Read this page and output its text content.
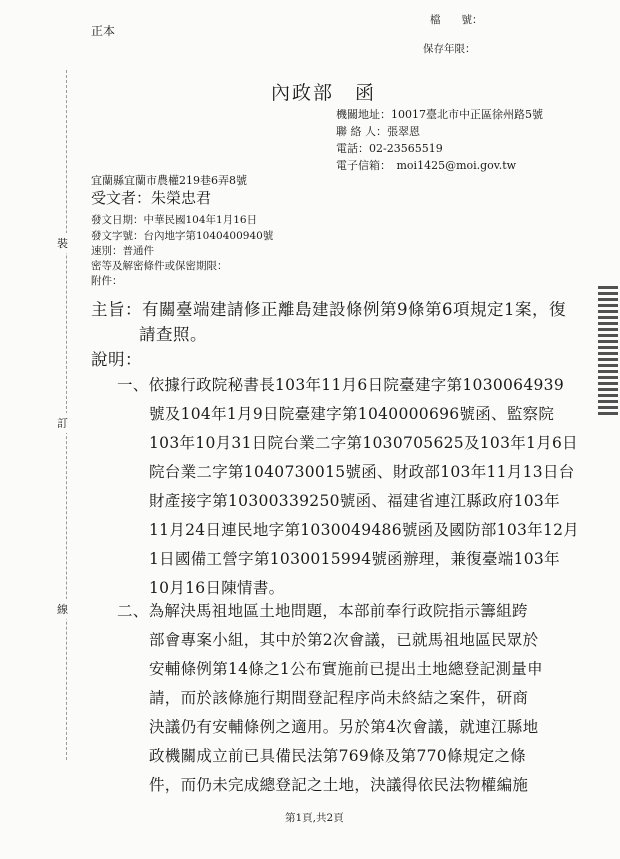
正本
檔　　號：
保存年限：
裝
訂
線
內政部　函
機關地址：10017臺北市中正區徐州路5號
聯 絡 人：張翠恩
電話：02-23565519
電子信箱：　moi1425@moi.gov.tw
宜蘭縣宜蘭市農權219巷6弄8號
受文者：朱榮忠君
發文日期：中華民國104年1月16日
發文字號：台內地字第1040400940號
速別：普通件
密等及解密條件或保密期限：
附件：
主旨：有關臺端建請修正離島建設條例第9條第6項規定1案，復
請查照。
說明：
一、依據行政院秘書長103年11月6日院臺建字第1030064939
號及104年1月9日院臺建字第1040000696號函、監察院
103年10月31日院台業二字第1030705625及103年1月6日
院台業二字第1040730015號函、財政部103年11月13日台
財產接字第10300339250號函、福建省連江縣政府103年
11月24日連民地字第1030049486號函及國防部103年12月
1日國備工營字第1030015994號函辦理，兼復臺端103年
10月16日陳情書。
二、為解決馬祖地區土地問題，本部前奉行政院指示籌組跨
部會專案小組，其中於第2次會議，已就馬祖地區民眾於
安輔條例第14條之1公布實施前已提出土地總登記測量申
請，而於該條施行期間登記程序尚未終結之案件，研商
決議仍有安輔條例之適用。另於第4次會議，就連江縣地
政機關成立前已具備民法第769條及第770條規定之條
件，而仍未完成總登記之土地，決議得依民法物權編施
第1頁,共2頁
